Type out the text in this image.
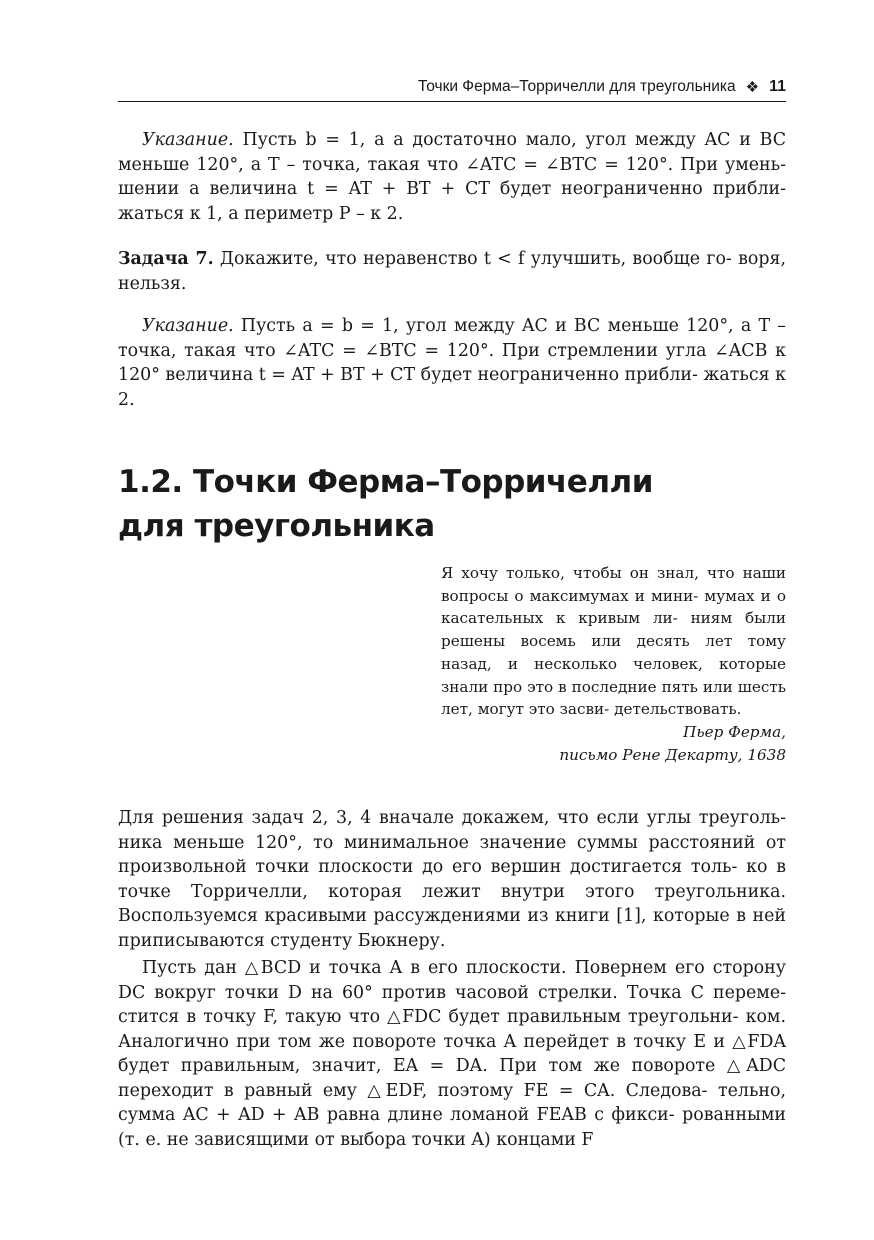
Точки Ферма–Торричелли для треугольника ❖ 11

Указание. Пусть b = 1, а a достаточно мало, угол между AC и BC меньше 120°, а T – точка, такая что ∠ATC = ∠BTC = 120°. При умень- шении a величина t = AT + BT + CT будет неограниченно прибли- жаться к 1, а периметр P – к 2.

Задача 7. Докажите, что неравенство t < f улучшить, вообще го- воря, нельзя.

Указание. Пусть a = b = 1, угол между AC и BC меньше 120°, а T – точка, такая что ∠ATC = ∠BTC = 120°. При стремлении угла ∠ACB к 120° величина t = AT + BT + CT будет неограниченно прибли- жаться к 2.

1.2. Точки Ферма–Торричелли
для треугольника

Я хочу только, чтобы он знал, что наши вопросы о максимумах и мини- мумах и о касательных к кривым ли- ниям были решены восемь или десять лет тому назад, и несколько человек, которые знали про это в последние пять или шесть лет, могут это засви- детельствовать.

Пьер Ферма,

письмо Рене Декарту, 1638

Для решения задач 2, 3, 4 вначале докажем, что если углы треуголь- ника меньше 120°, то минимальное значение суммы расстояний от произвольной точки плоскости до его вершин достигается толь- ко в точке Торричелли, которая лежит внутри этого треугольника. Воспользуемся красивыми рассуждениями из книги [1], которые в ней приписываются студенту Бюкнеру.

Пусть дан △BCD и точка A в его плоскости. Повернем его сторону DC вокруг точки D на 60° против часовой стрелки. Точка C переме- стится в точку F, такую что △FDC будет правильным треугольни- ком. Аналогично при том же повороте точка A перейдет в точку E и △FDA будет правильным, значит, EA = DA. При том же повороте △ADC переходит в равный ему △EDF, поэтому FE = CA. Следова- тельно, сумма AC + AD + AB равна длине ломаной FEAB с фикси- рованными (т. е. не зависящими от выбора точки A) концами F
